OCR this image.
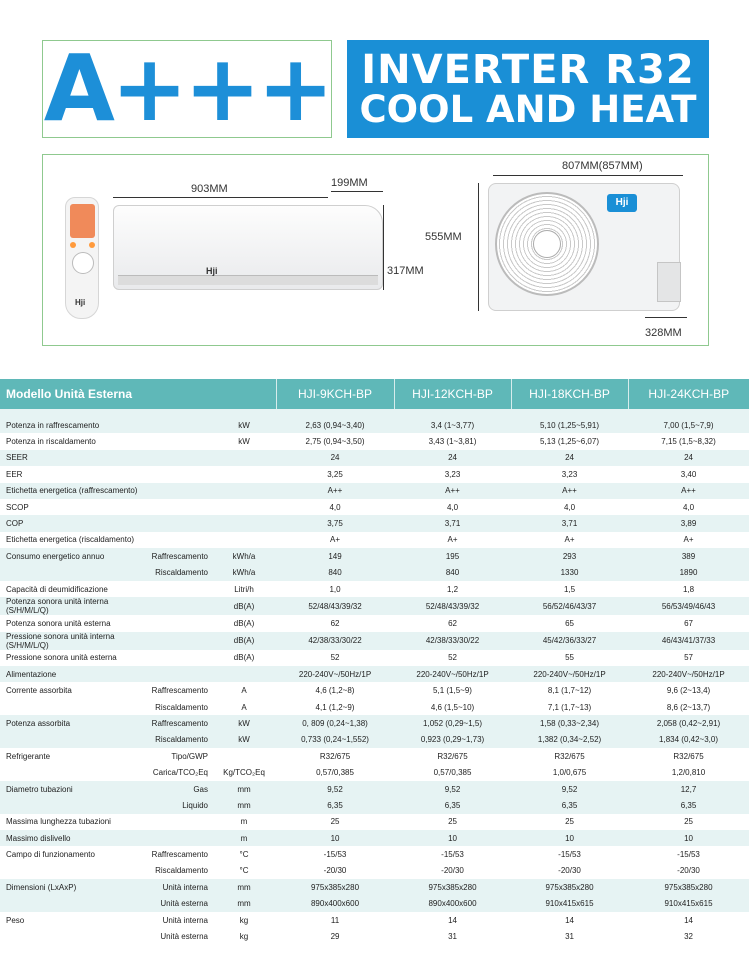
A+++ INVERTER R32
COOL AND HEAT
Hji
903MM	199MM
Hji	317MM
807MM(857MM)
555MM
Hji
328MM
Modello Unità Esterna			HJI-9KCH-BP	HJI-12KCH-BP	HJI-18KCH-BP	HJI-24KCH-BP

Potenza in raffrescamento		kW	2,63 (0,94~3,40)	3,4 (1~3,77)	5,10 (1,25~5,91)	7,00 (1,5~7,9)
Potenza in riscaldamento		kW	2,75 (0,94~3,50)	3,43 (1~3,81)	5,13 (1,25~6,07)	7,15 (1,5~8,32)
SEER			24	24	24	24
EER			3,25	3,23	3,23	3,40
Etichetta energetica (raffrescamento)			A++	A++	A++	A++
SCOP			4,0	4,0	4,0	4,0
COP			3,75	3,71	3,71	3,89
Etichetta energetica (riscaldamento)			A+	A+	A+	A+
Consumo energetico annuo	Raffrescamento	kWh/a	149	195	293	389
	Riscaldamento	kWh/a	840	840	1330	1890
Capacità di deumidificazione		Litri/h	1,0	1,2	1,5	1,8
Potenza sonora unità interna (S/H/M/L/Q)		dB(A)	52/48/43/39/32	52/48/43/39/32	56/52/46/43/37	56/53/49/46/43
Potenza sonora unità esterna		dB(A)	62	62	65	67
Pressione sonora unità interna (S/H/M/L/Q)		dB(A)	42/38/33/30/22	42/38/33/30/22	45/42/36/33/27	46/43/41/37/33
Pressione sonora unità esterna		dB(A)	52	52	55	57
Alimentazione			220-240V~/50Hz/1P	220-240V~/50Hz/1P	220-240V~/50Hz/1P	220-240V~/50Hz/1P
Corrente assorbita	Raffrescamento	A	4,6 (1,2~8)	5,1 (1,5~9)	8,1 (1,7~12)	9,6 (2~13,4)
	Riscaldamento	A	4,1 (1,2~9)	4,6 (1,5~10)	7,1 (1,7~13)	8,6 (2~13,7)
Potenza assorbita	Raffrescamento	kW	0, 809 (0,24~1,38)	1,052 (0,29~1,5)	1,58 (0,33~2,34)	2,058 (0,42~2,91)
	Riscaldamento	kW	0,733 (0,24~1,552)	0,923 (0,29~1,73)	1,382 (0,34~2,52)	1,834 (0,42~3,0)
Refrigerante	Tipo/GWP		R32/675	R32/675	R32/675	R32/675
	Carica/TCO₂Eq	Kg/TCO₂Eq	0,57/0,385	0,57/0,385	1,0/0,675	1,2/0,810
Diametro tubazioni	Gas	mm	9,52	9,52	9,52	12,7
	Liquido	mm	6,35	6,35	6,35	6,35
Massima lunghezza tubazioni		m	25	25	25	25
Massimo dislivello		m	10	10	10	10
Campo di funzionamento	Raffrescamento	°C	-15/53	-15/53	-15/53	-15/53
	Riscaldamento	°C	-20/30	-20/30	-20/30	-20/30
Dimensioni (LxAxP)	Unità interna	mm	975x385x280	975x385x280	975x385x280	975x385x280
	Unità esterna	mm	890x400x600	890x400x600	910x415x615	910x415x615
Peso	Unità interna	kg	11	14	14	14
	Unità esterna	kg	29	31	31	32
